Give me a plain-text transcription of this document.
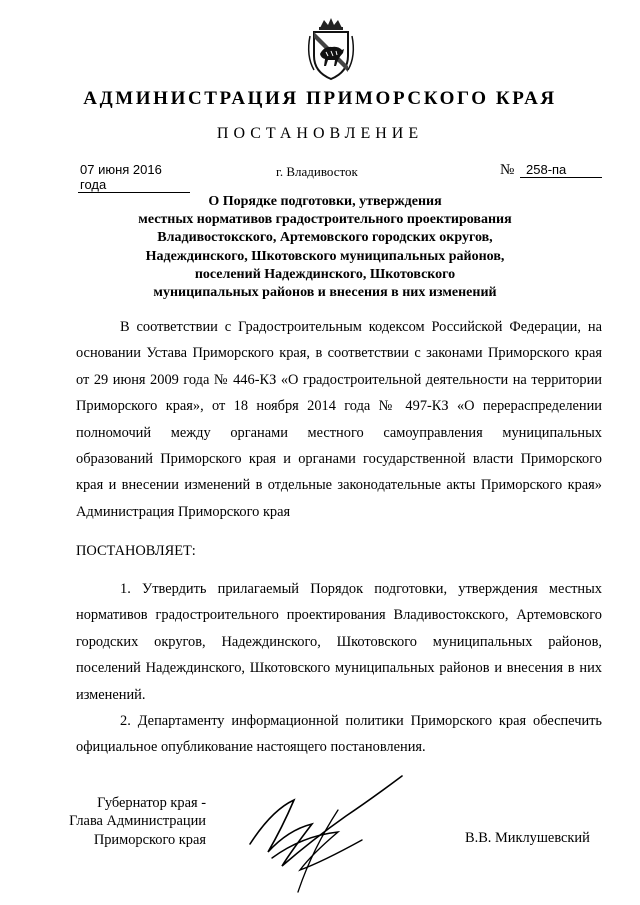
АДМИНИСТРАЦИЯ ПРИМОРСКОГО КРАЯ
ПОСТАНОВЛЕНИЕ
07 июня 2016 года
г. Владивосток	№ 258-па
О Порядке подготовки, утверждения
местных нормативов градостроительного проектирования
Владивостокского, Артемовского городских округов,
Надеждинского, Шкотовского муниципальных районов,
поселений Надеждинского, Шкотовского
муниципальных районов и внесения в них изменений
В соответствии с Градостроительным кодексом Российской Федерации, на основании Устава Приморского края, в соответствии с законами Приморского края от 29 июня 2009 года № 446-КЗ «О градостроительной деятельности на территории Приморского края», от 18 ноября 2014 года № 497-КЗ «О перераспределении полномочий между органами местного самоуправления муниципальных образований Приморского края и органами государственной власти Приморского края и внесении изменений в отдельные законодательные акты Приморского края» Администрация Приморского края
ПОСТАНОВЛЯЕТ:
1. Утвердить прилагаемый Порядок подготовки, утверждения местных нормативов градостроительного проектирования Владивостокского, Артемовского городских округов, Надеждинского, Шкотовского муниципальных районов, поселений Надеждинского, Шкотовского муниципальных районов и внесения в них изменений.
2. Департаменту информационной политики Приморского края обеспечить официальное опубликование настоящего постановления.
Губернатор края -
Глава Администрации
Приморского края	В.В. Миклушевский
